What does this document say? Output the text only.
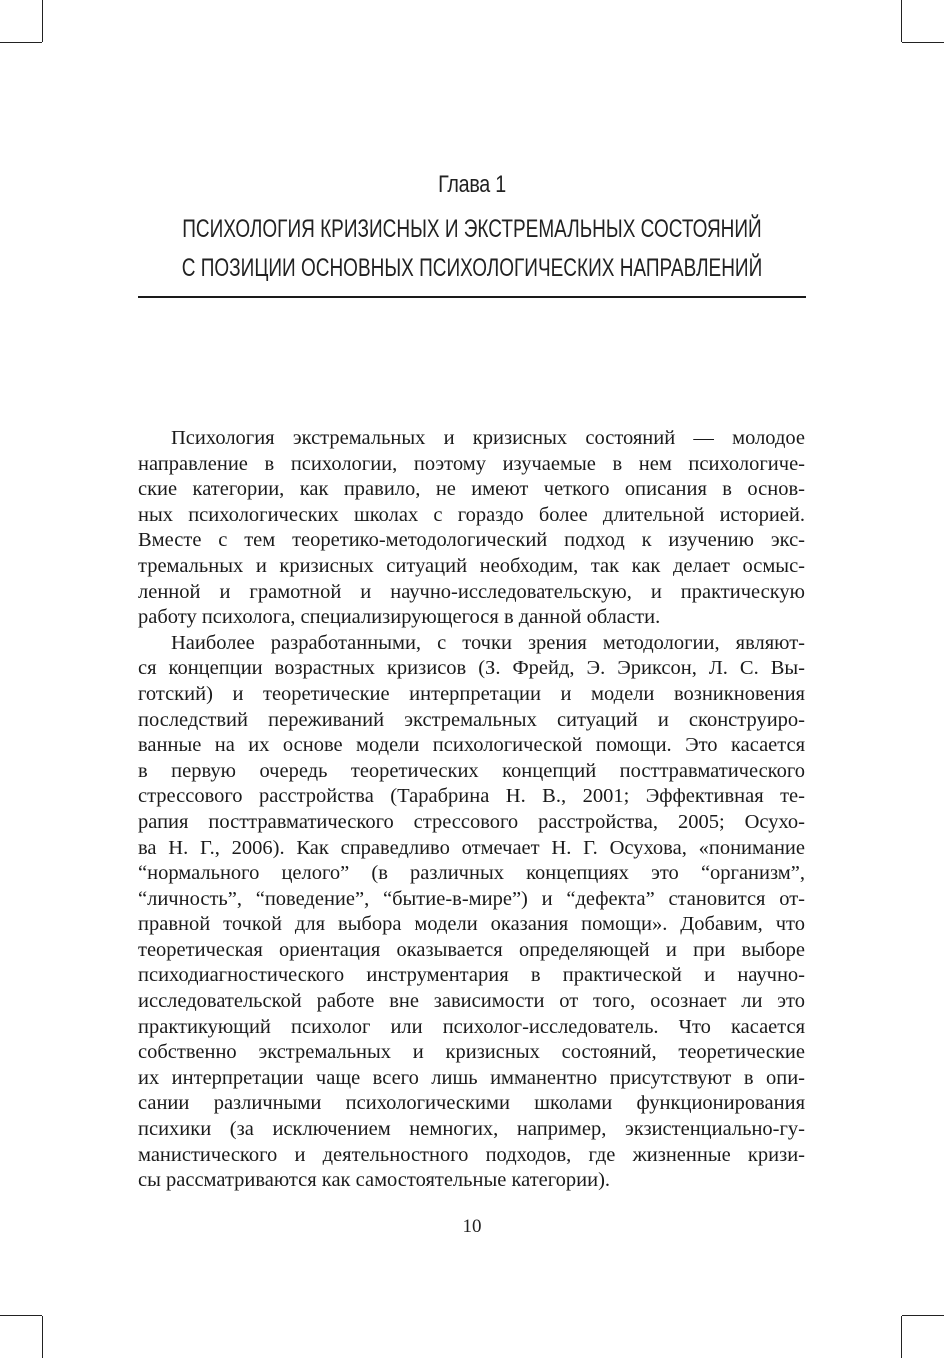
Глава 1
ПСИХОЛОГИЯ КРИЗИСНЫХ И ЭКСТРЕМАЛЬНЫХ СОСТОЯНИЙ
С ПОЗИЦИИ ОСНОВНЫХ ПСИХОЛОГИЧЕСКИХ НАПРАВЛЕНИЙ
Психология экстремальных и кризисных состояний — молодое
направление в психологии, поэтому изучаемые в нем психологиче-
ские категории, как правило, не имеют четкого описания в основ-
ных психологических школах с гораздо более длительной историей.
Вместе с тем теоретико-методологический подход к изучению экс-
тремальных и кризисных ситуаций необходим, так как делает осмыс-
ленной и грамотной и научно-исследовательскую, и практическую
работу психолога, специализирующегося в данной области.
Наиболее разработанными, с точки зрения методологии, являют-
ся концепции возрастных кризисов (З. Фрейд, Э. Эриксон, Л. С. Вы-
готский) и теоретические интерпретации и модели возникновения
последствий переживаний экстремальных ситуаций и сконструиро-
ванные на их основе модели психологической помощи. Это касается
в первую очередь теоретических концепций посттравматического
стрессового расстройства (Тарабрина Н. В., 2001; Эффективная те-
рапия посттравматического стрессового расстройства, 2005; Осухо-
ва Н. Г., 2006). Как справедливо отмечает Н. Г. Осухова, «понимание
“нормального целого” (в различных концепциях это “организм”,
“личность”, “поведение”, “бытие-в-мире”) и “дефекта” становится от-
правной точкой для выбора модели оказания помощи». Добавим, что
теоретическая ориентация оказывается определяющей и при выборе
психодиагностического инструментария в практической и научно-
исследовательской работе вне зависимости от того, осознает ли это
практикующий психолог или психолог-исследователь. Что касается
собственно экстремальных и кризисных состояний, теоретические
их интерпретации чаще всего лишь имманентно присутствуют в опи-
сании различными психологическими школами функционирования
психики (за исключением немногих, например, экзистенциально-гу-
манистического и деятельностного подходов, где жизненные кризи-
сы рассматриваются как самостоятельные категории).
10
